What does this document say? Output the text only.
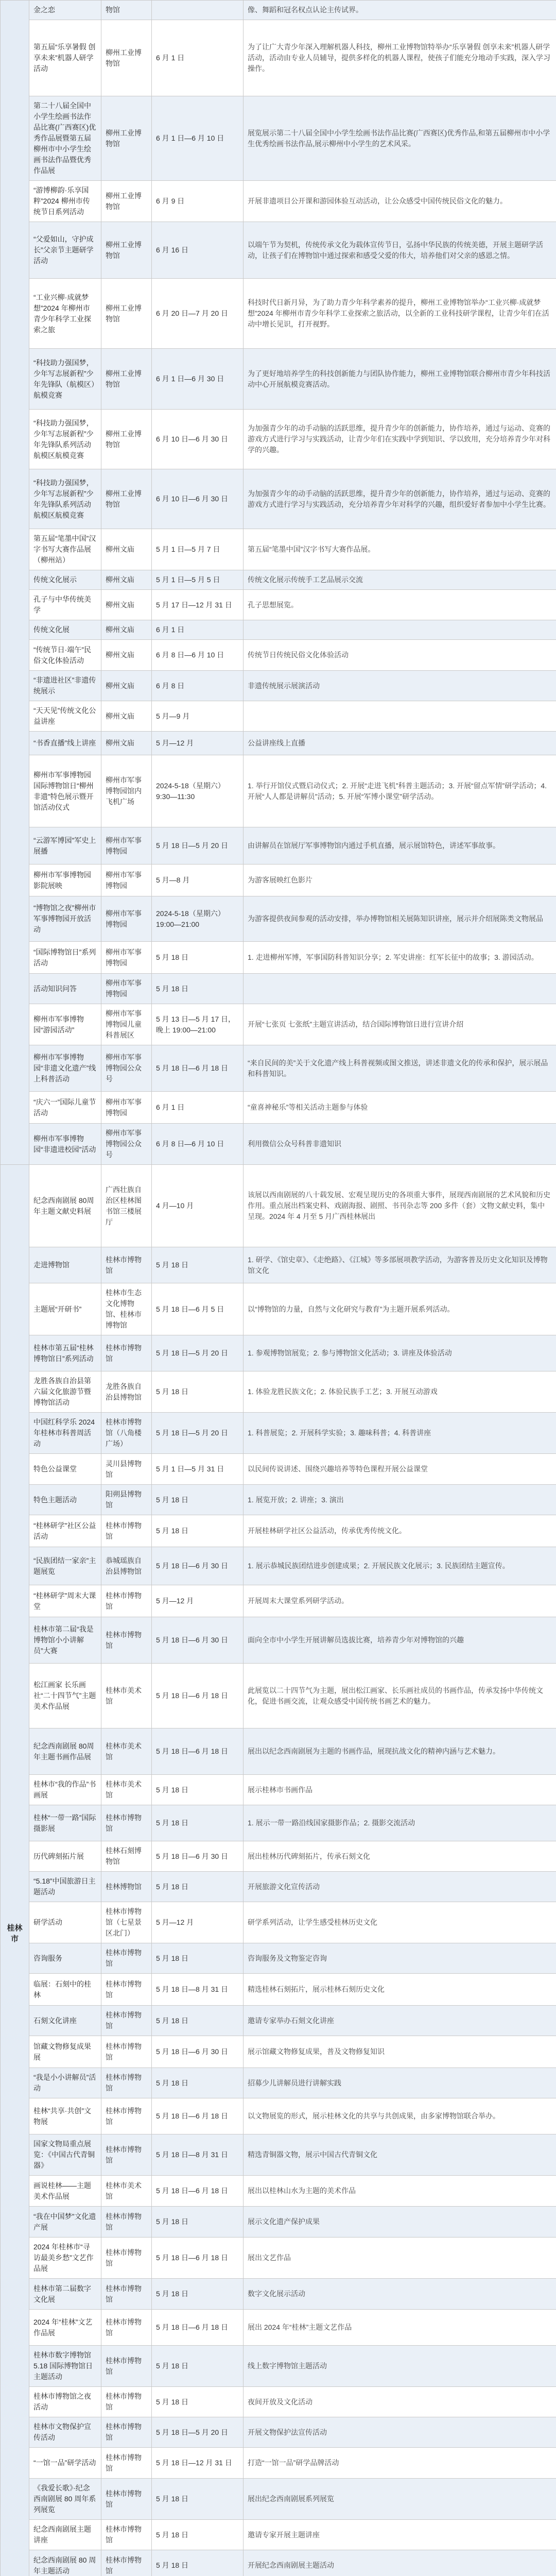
	金之恋	物馆		像、舞蹈和冠名权点认论主传试界。
	第五届“乐享暑假 创享未来”机器人研学活动	柳州工业博物馆	6 月 1 日	为了让广大青少年深入理解机器人科技，柳州工业博物馆特举办“乐享暑假 创享未来”机器人研学活动，活动由专业人员辅导，提供多样化的机器人课程，使孩子们能充分地动手实践，深入学习操作。
	第二十八届全国中小学生绘画书法作品比赛(广西赛区)优秀作品展暨第五届柳州市中小学生绘画书法作品暨优秀作品展	柳州工业博物馆	6 月 1 日—6 月 10 日	展览展示第二十八届全国中小学生绘画书法作品比赛(广西赛区)优秀作品,和第五届柳州市中小学生优秀绘画书法作品,展示柳州中小学生的艺术风采。
	“游博柳韵·乐享国粹”2024 柳州市传统节日系列活动	柳州工业博物馆	6 月 9 日	开展非遗项目公开课和游园体验互动活动，让公众感受中国传统民俗文化的魅力。
	“父爱如山，守护成长”父亲节主题研学活动	柳州工业博物馆	6 月 16 日	以端午节为契机，传统传承文化为载体宣传节日，弘扬中华民族的传统美德，开展主题研学活动，让孩子们在博物馆中通过探索和感受父爱的伟大，培养他们对父亲的感恩之情。
	“工业兴柳·成就梦想”2024 年柳州市青少年科学工业探索之旅	柳州工业博物馆	6 月 20 日—7 月 20 日	科技时代日新月异，为了助力青少年科学素养的提升，柳州工业博物馆举办“工业兴柳·成就梦想”2024 年柳州市青少年科学工业探索之旅活动，以全新的工业科技研学课程，让青少年们在活动中增长见识，打开视野。
	“科技助力强国梦，少年写志展新程”少年先锋队（航模区）航模竞赛	柳州工业博物馆	6 月 1 日—6 月 30 日	为了更好地培养学生的科技创新能力与团队协作能力，柳州工业博物馆联合柳州市青少年科技活动中心开展航模竞赛活动。
	“科技助力强国梦，少年写志展新程”少年先锋队系列活动航模区航模竞赛	柳州工业博物馆	6 月 10 日—6 月 30 日	为加强青少年的动手动脑的活跃思维，提升青少年的创新能力，协作培养，通过与运动、竞赛的游戏方式进行学习与实践活动，让青少年们在实践中学到知识、学以致用，充分培养青少年对科学的兴趣。
	“科技助力强国梦，少年写志展新程”少年先锋队系列活动航模区航模竞赛	柳州工业博物馆	6 月 10 日—6 月 30 日	为加强青少年的动手动脑的活跃思维，提升青少年的创新能力，协作培养，通过与运动、竞赛的游戏方式进行学习与实践活动，充分培养青少年对科学的兴趣，组织爱好者参加中小学生比赛。
	第五届“笔墨中国”汉字书写大赛作品展（柳州站）	柳州文庙	5 月 1 日—5 月 7 日	第五届“笔墨中国”汉字书写大赛作品展。
	传统文化展示	柳州文庙	5 月 1 日—5 月 5 日	传统文化展示传统手工艺品展示交流
	孔子与中华传统美学	柳州文庙	5 月 17 日—12 月 31 日	孔子思想展览。
	传统文化展	柳州文庙	6 月 1 日	
	“传统节日·端午”民俗文化体验活动	柳州文庙	6 月 8 日—6 月 10 日	传统节日传统民俗文化体验活动
	“非遗进社区”非遗传统展示	柳州文庙	6 月 8 日	非遗传统展示展演活动
	“天天见”传统文化公益讲座	柳州文庙	5 月—9 月	
	“书香直播”线上讲座	柳州文庙	5 月—12 月	公益讲座线上直播
	柳州市军事博物园国际博物馆日“柳州非遗”特色展示暨开馆活动仪式	柳州市军事博物园馆内飞机广场	2024-5-18（星期六）9:30—11:30	1. 举行开馆仪式暨启动仪式；2. 开展“走进飞机”科普主题活动；3. 开展“留点军情”研学活动；4. 开展“人人都是讲解员”活动；5. 开展“军博小课堂”研学活动。
	“云游军博园”军史上展播	柳州市军事博物园	5 月 18 日—5 月 20 日	由讲解员在馆展厅军事博物馆内通过手机直播，展示展馆特色，讲述军事故事。
	柳州市军事博物园影院展映	柳州市军事博物园	5 月—8 月	为游客展映红色影片
	“博物馆之夜”柳州市军事博物园开放活动	柳州市军事博物园	2024-5-18（星期六）19:00—21:00	为游客提供夜间参观的活动安排，举办博物馆相关展陈知识讲座，展示并介绍展陈类文物展品
	“国际博物馆日”系列活动	柳州市军事博物园	5 月 18 日	1. 走进柳州军博，军事国防科普知识分享；2. 军史讲座：红军长征中的故事；3. 游园活动。
	活动知识问答	柳州市军事博物园	5 月 18 日	
	柳州市军事博物园“游园活动”	柳州市军事博物园儿童科普展区	5 月 13 日—5 月 17 日，晚上 19:00—21:00	开展“七张页 七张纸”主题宣讲活动，结合国际博物馆日进行宣讲介绍
	柳州市军事博物园“非遗文化遗产”线上科普活动	柳州市军事博物园公众号	5 月 18 日—6 月 18 日	“来自民间的美”关于文化遗产线上科普视频或图文推送，讲述非遗文化的传承和保护，展示展品和科普知识。
	“庆六一”国际儿童节活动	柳州市军事博物园	6 月 1 日	“童喜神秘乐”等相关活动主题参与体验
	柳州市军事博物园“非遗进校园”活动	柳州市军事博物园公众号	6 月 8 日—6 月 10 日	利用微信公众号科普非遗知识
桂林市	纪念西南剧展 80周年主题文献史料展	广西壮族自治区桂林图书馆三楼展厅	4 月—10 月	该展以西南剧展的八十载发展、宏观呈现历史的各项重大事件，展现西南剧展的艺术风貌和历史作用。重点展出档案史料、戏剧海报、剧照、书刊杂志等 200 多件（套）文物文献史料，集中呈现。2024 年 4 月至 5 月广西桂林展出
	走进博物馆	桂林市博物馆	5 月 18 日	1. 研学、《馆史章》、《走绝路》、《江城》等多部展项教学活动，为游客普及历史文化知识及博物馆文化
	主题展“开研书”	桂林市生态文化博物馆、桂林市博物馆	5 月 18 日—6 月 5 日	以“博物馆的力量，自然与文化研究与教育”为主题开展系列活动。
	桂林市第五届“桂林博物馆日”系列活动	桂林市博物馆	5 月 18 日—5 月 20 日	1. 参观博物馆展览；2. 参与博物馆文化活动；3. 讲座及体验活动
	龙胜各族自治县第六届文化旅游节暨博物馆活动	龙胜各族自治县博物馆	5 月 18 日	1. 体验龙胜民族文化；2. 体验民族手工艺；3. 开展互动游戏
	中国红科学乐 2024 年桂林市科普周活动	桂林市博物馆（八角楼广场）	5 月 18 日—5 月 20 日	1. 科普展览；2. 开展科学实验；3. 趣味科普；4. 科普讲座
	特色公益课堂	灵川县博物馆	5 月 1 日—5 月 31 日	以民间传说讲述、围绕兴趣培养等特色课程开展公益课堂
	特色主题活动	阳朔县博物馆	5 月 18 日	1. 展览开放；2. 讲座；3. 演出
	“桂林研学”社区公益活动	桂林市博物馆	5 月 18 日	开展桂林研学社区公益活动，传承优秀传统文化。
	“民族团结一家亲”主题展览	恭城瑶族自治县博物馆	5 月 18 日—6 月 30 日	1. 展示恭城民族团结进步创建成果；2. 开展民族文化展示；3. 民族团结主题宣传。
	“桂林研学”周末大课堂	桂林市博物馆	5 月—12 月	开展周末大课堂系列研学活动。
	桂林市第二届“我是博物馆小小讲解员”大赛	桂林市博物馆	5 月 18 日—6 月 30 日	面向全市中小学生开展讲解员选拔比赛，培养青少年对博物馆的兴趣
	松江画家 长乐画社“二十四节气”主题美术作品展	桂林市美术馆	5 月 18 日—6 月 18 日	此展览以二十四节气为主题，展出松江画家、长乐画社成员的书画作品，传承发扬中华传统文化，促进书画交流，让观众感受中国传统书画艺术的魅力。
	纪念西南剧展 80周年主题书画作品展	桂林市美术馆	5 月 18 日—6 月 18 日	展出以纪念西南剧展为主题的书画作品，展现抗战文化的精神内涵与艺术魅力。
	桂林市“我的作品”书画展	桂林市美术馆	5 月 18 日	展示桂林市书画作品
	桂林“一带一路”国际摄影展	桂林市博物馆	5 月 18 日	1. 展示一带一路沿线国家摄影作品；2. 摄影交流活动
	历代碑刻拓片展	桂林石刻博物馆	5 月 18 日—6 月 30 日	展出桂林历代碑刻拓片，传承石刻文化
	“5.18”中国旅游日主题活动	桂林博物馆	5 月 18 日	开展旅游文化宣传活动
	研学活动	桂林市博物馆（七星景区北门）	5 月—12 月	研学系列活动，让学生感受桂林历史文化
	咨询服务	桂林市博物馆	5 月 18 日	咨询服务及文物鉴定咨询
	临展：石刻中的桂林	桂林市博物馆	5 月 18 日—8 月 31 日	精选桂林石刻拓片，展示桂林石刻历史文化
	石刻文化讲座	桂林市博物馆	5 月 18 日	邀请专家举办石刻文化讲座
	馆藏文物修复成果展	桂林市博物馆	5 月 18 日—6 月 30 日	展示馆藏文物修复成果，普及文物修复知识
	“我是小小讲解员”活动	桂林市博物馆	5 月 18 日	招募少儿讲解员进行讲解实践
	桂林“共享·共创”文物展	桂林市博物馆	5 月 18 日—6 月 18 日	以文物展览的形式，展示桂林文化的共享与共创成果，由多家博物馆联合举办。
	国家文物局重点展览：《中国古代青铜器》	桂林市博物馆	5 月 18 日—8 月 31 日	精选青铜器文物，展示中国古代青铜文化
	画说桂林——主题美术作品展	桂林市美术馆	5 月 18 日—6 月 18 日	展出以桂林山水为主题的美术作品
	“我在中国梦”文化遗产展	桂林市博物馆	5 月 18 日	展示文化遗产保护成果
	2024 年桂林市“寻访最美乡愁”文艺作品展	桂林市博物馆	5 月 18 日—6 月 18 日	展出文艺作品
	桂林市第二届数字文化展	桂林市博物馆	5 月 18 日	数字文化展示活动
	2024 年“桂林”文艺作品展	桂林市博物馆	5 月 18 日—6 月 18 日	展出 2024 年“桂林”主题文艺作品
	桂林市数字博物馆 5.18 国际博物馆日主题活动	桂林市博物馆	5 月 18 日	线上数字博物馆主题活动
	桂林市博物馆之夜活动	桂林市博物馆	5 月 18 日	夜间开放及文化活动
	桂林市文物保护宣传活动	桂林市博物馆	5 月 18 日—5 月 20 日	开展文物保护法宣传活动
	“一馆一品”研学活动	桂林市博物馆	5 月 18 日—12 月 31 日	打造“一馆一品”研学品牌活动
	《我爱长歌》·纪念西南剧展 80 周年系列展览	桂林市博物馆	5 月 18 日	展出纪念西南剧展系列展览
	纪念西南剧展主题讲座	桂林市博物馆	5 月 18 日	邀请专家开展主题讲座
	纪念西南剧展 80 周年主题活动	桂林市博物馆	5 月 18 日	开展纪念西南剧展主题活动
